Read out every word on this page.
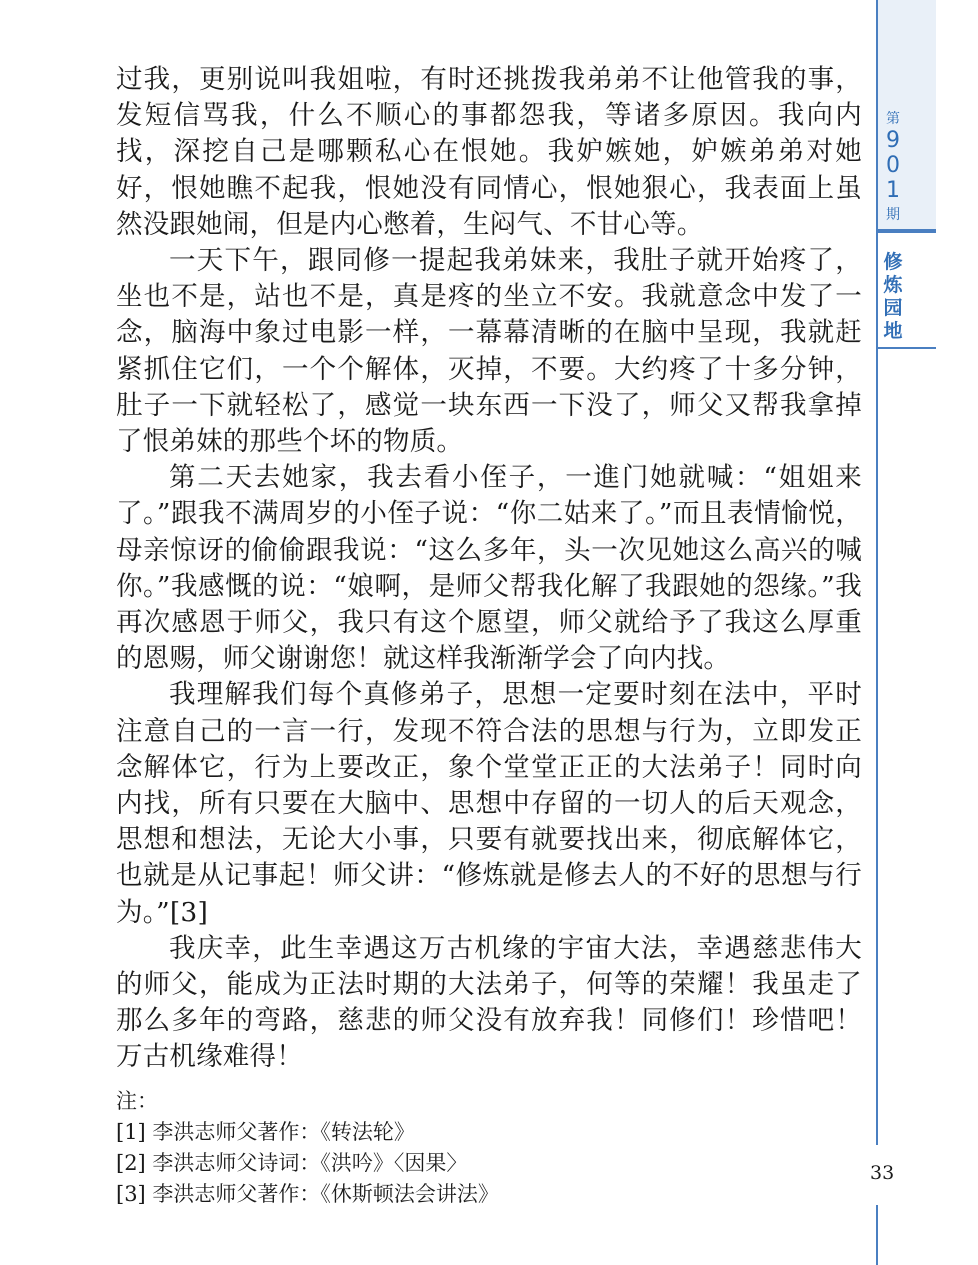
过我，更别说叫我姐啦，有时还挑拨我弟弟不让他管我的事，发短信骂我，什么不顺心的事都怨我，等诸多原因。我向内找，深挖自己是哪颗私心在恨她。我妒嫉她，妒嫉弟弟对她好，恨她瞧不起我，恨她没有同情心，恨她狠心，我表面上虽然没跟她闹，但是内心憋着，生闷气、不甘心等。

一天下午，跟同修一提起我弟妹来，我肚子就开始疼了，坐也不是，站也不是，真是疼的坐立不安。我就意念中发了一念，脑海中象过电影一样，一幕幕清晰的在脑中呈现，我就赶紧抓住它们，一个个解体，灭掉，不要。大约疼了十多分钟，肚子一下就轻松了，感觉一块东西一下没了，师父又帮我拿掉了恨弟妹的那些个坏的物质。

第二天去她家，我去看小侄子，一進门她就喊：“姐姐来了。”跟我不满周岁的小侄子说：“你二姑来了。”而且表情愉悦，母亲惊讶的偷偷跟我说：“这么多年，头一次见她这么高兴的喊你。”我感慨的说：“娘啊，是师父帮我化解了我跟她的怨缘。”我再次感恩于师父，我只有这个愿望，师父就给予了我这么厚重的恩赐，师父谢谢您！就这样我渐渐学会了向内找。

我理解我们每个真修弟子，思想一定要时刻在法中，平时注意自己的一言一行，发现不符合法的思想与行为，立即发正念解体它，行为上要改正，象个堂堂正正的大法弟子！同时向内找，所有只要在大脑中、思想中存留的一切人的后天观念，思想和想法，无论大小事，只要有就要找出来，彻底解体它，也就是从记事起！师父讲：“修炼就是修去人的不好的思想与行为。”[3]

我庆幸，此生幸遇这万古机缘的宇宙大法，幸遇慈悲伟大的师父，能成为正法时期的大法弟子，何等的荣耀！我虽走了那么多年的弯路，慈悲的师父没有放弃我！同修们！珍惜吧！万古机缘难得！

注：

[1] 李洪志师父著作：《转法轮》

[2] 李洪志师父诗词：《洪吟》〈因果〉

[3] 李洪志师父著作：《休斯顿法会讲法》

第
9
0
1
期
修
炼
园
地
33
